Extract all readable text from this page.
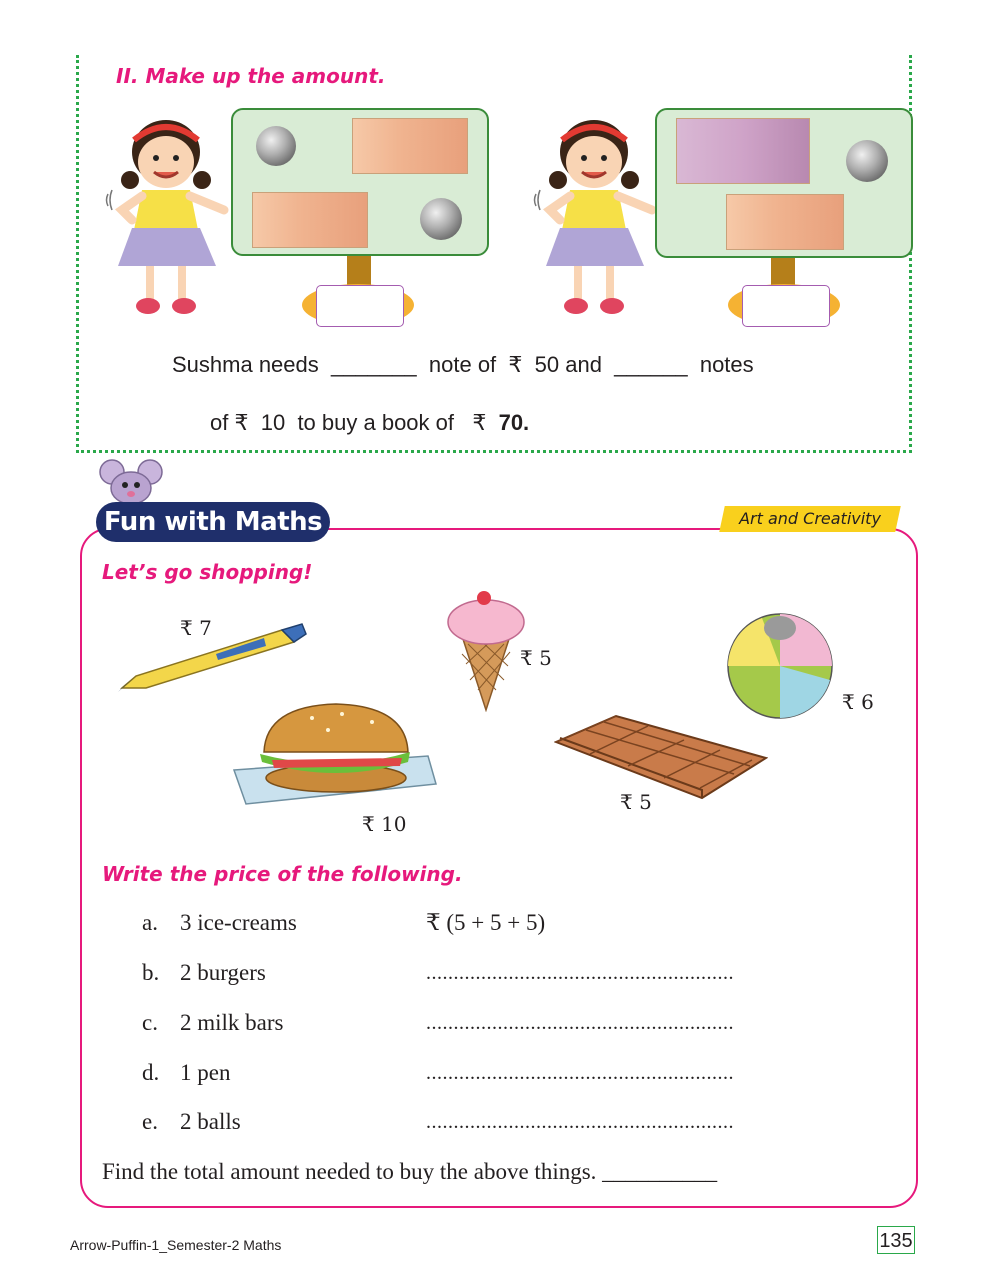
II. Make up the amount.
Sushma needs _______ note of ₹ 50 and ______ notes
of ₹ 10 to buy a book of ₹ 70.
Fun with Maths	Art and Creativity
Let’s go shopping!
₹ 7
₹ 5
₹ 6
₹ 10
₹ 5
Write the price of the following.
a. 3 ice-creams	₹ (5 + 5 + 5)
b. 2 burgers	........................................................
c. 2 milk bars	........................................................
d. 1 pen	........................................................
e. 2 balls	........................................................
Find the total amount needed to buy the above things. __________
Arrow-Puffin-1_Semester-2 Maths	135
